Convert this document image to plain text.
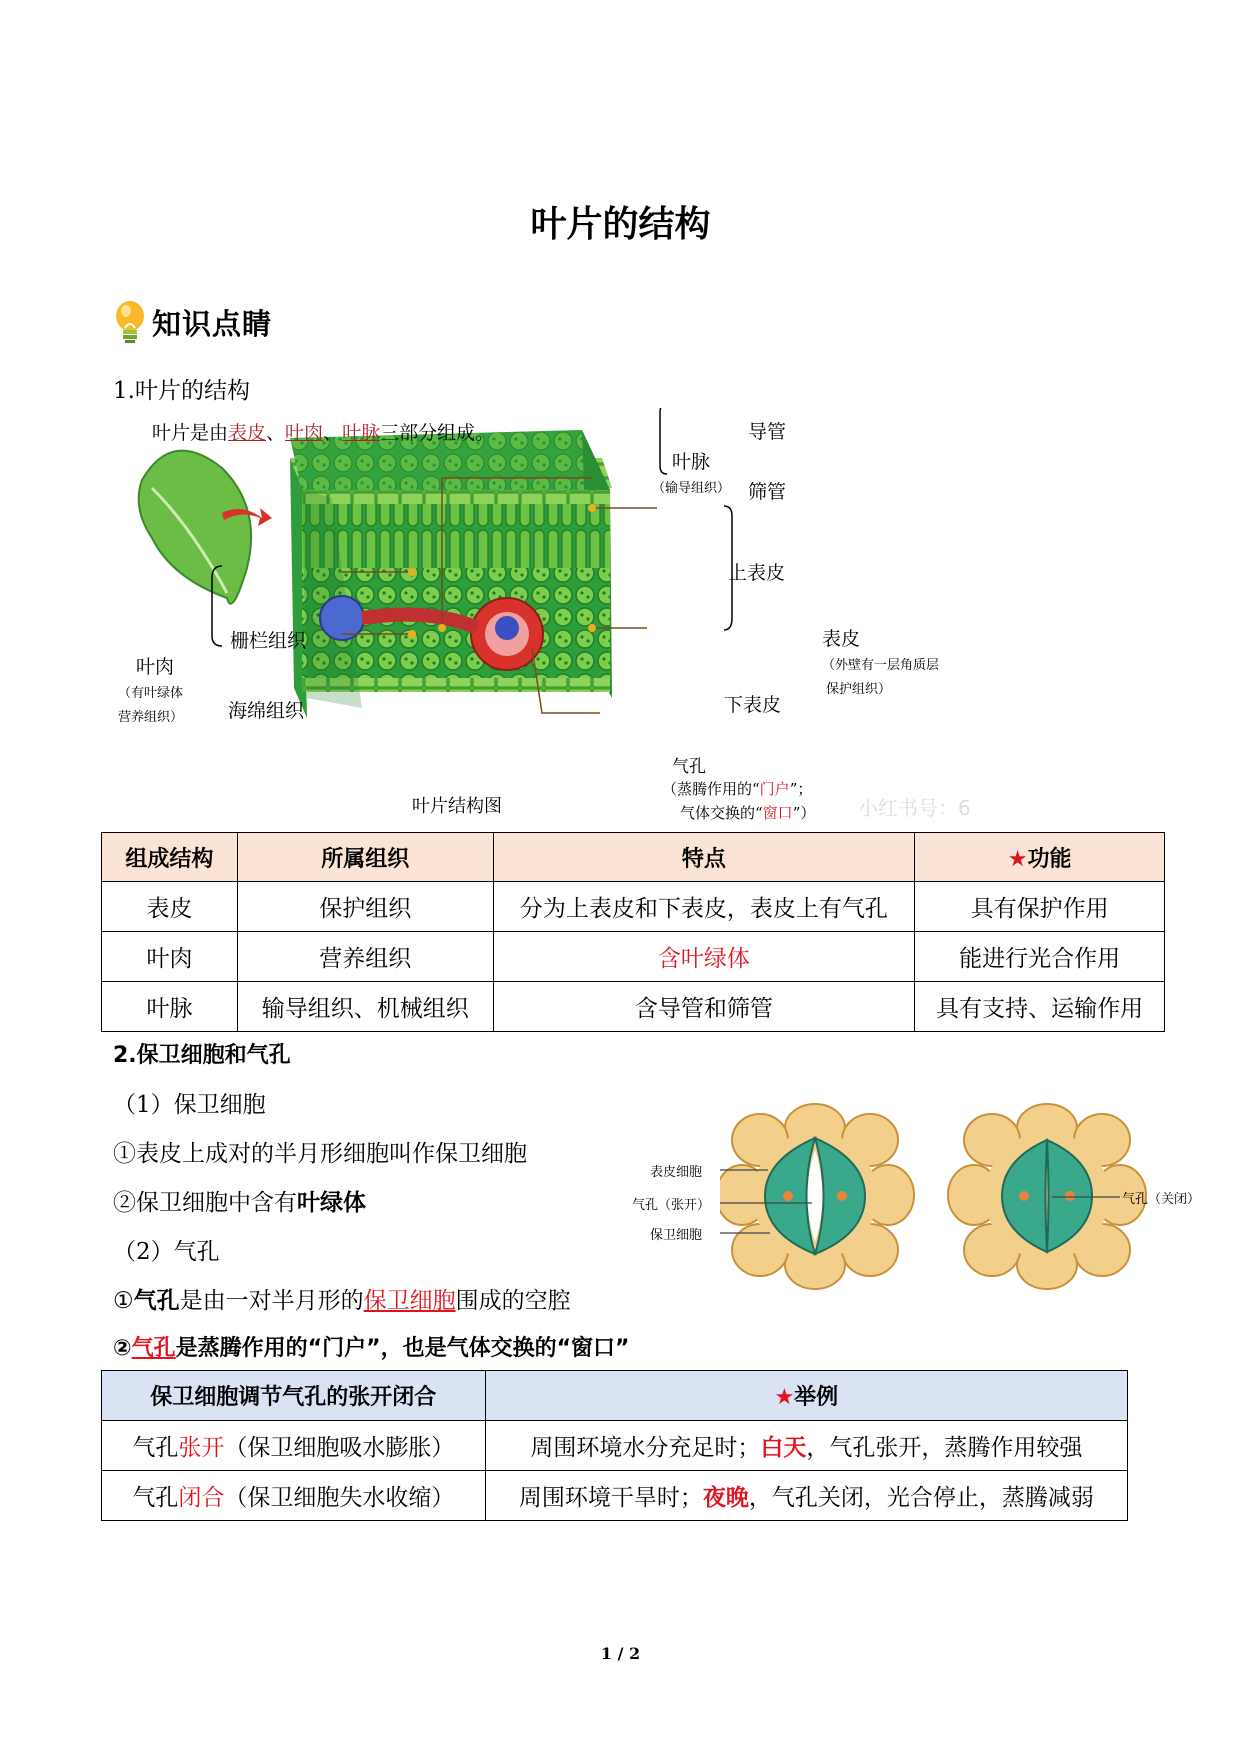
叶片的结构
知识点睛
1.叶片的结构
叶片是由表皮、叶肉、叶脉三部分组成。
叶脉
（输导组织）
导管
筛管
上表皮
表皮
（外壁有一层角质层
保护组织）
下表皮
叶肉
（有叶绿体
营养组织）
栅栏组织
海绵组织
气孔
（蒸腾作用的“门户”；
气体交换的“窗口”）
叶片结构图	小红书号：6
组成结构	所属组织	特点	★功能
表皮	保护组织	分为上表皮和下表皮，表皮上有气孔	具有保护作用
叶肉	营养组织	含叶绿体	能进行光合作用
叶脉	输导组织、机械组织	含导管和筛管	具有支持、运输作用
2.保卫细胞和气孔
（1）保卫细胞
①表皮上成对的半月形细胞叫作保卫细胞
②保卫细胞中含有叶绿体
（2）气孔
①气孔是由一对半月形的保卫细胞围成的空腔
②气孔是蒸腾作用的“门户”，也是气体交换的“窗口”
表皮细胞
气孔（张开）
保卫细胞
气孔（关闭）
保卫细胞调节气孔的张开闭合	★举例
气孔张开（保卫细胞吸水膨胀）	周围环境水分充足时；白天，气孔张开，蒸腾作用较强
气孔闭合（保卫细胞失水收缩）	周围环境干旱时；夜晚，气孔关闭，光合停止，蒸腾减弱
1 / 2
